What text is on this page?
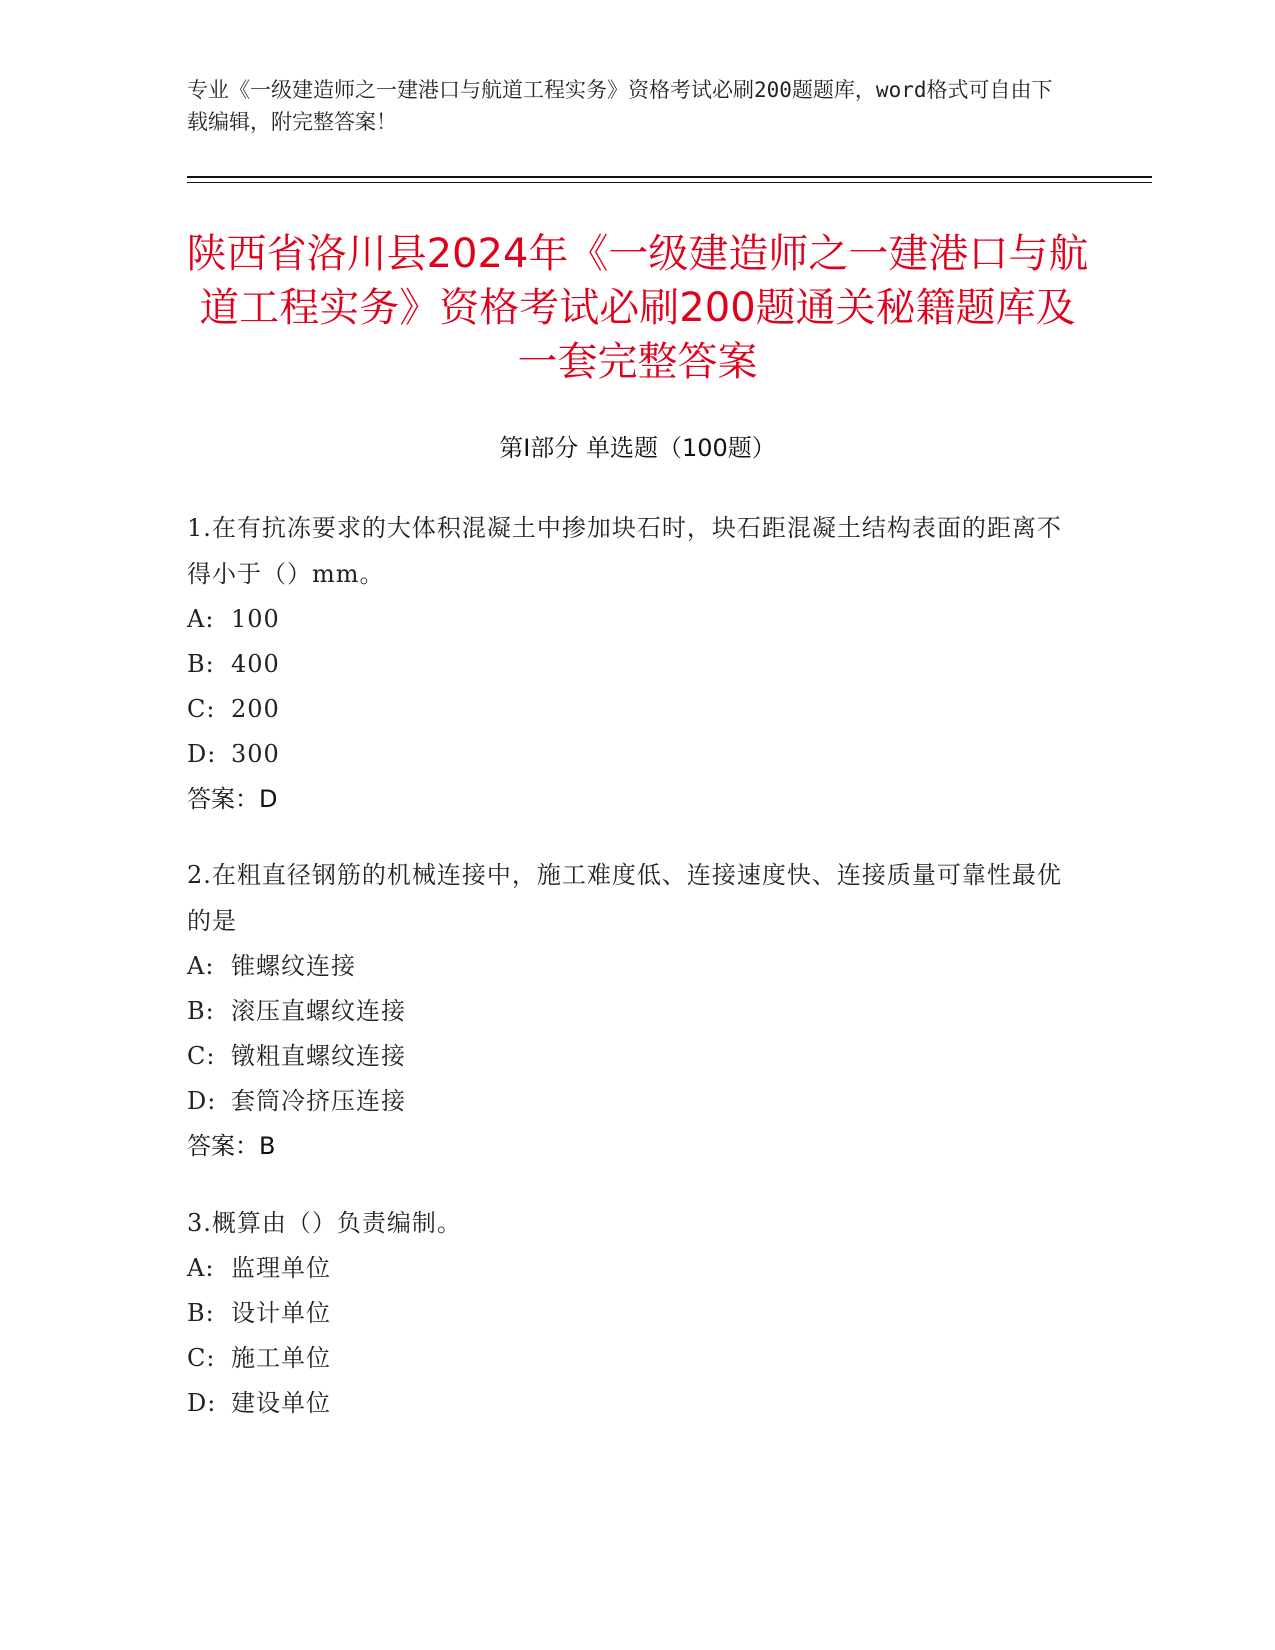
专业《一级建造师之一建港口与航道工程实务》资格考试必刷200题题库，word格式可自由下载编辑，附完整答案！
陕西省洛川县2024年《一级建造师之一建港口与航道工程实务》资格考试必刷200题通关秘籍题库及一套完整答案
第I部分 单选题（100题）

1.在有抗冻要求的大体积混凝土中掺加块石时，块石距混凝土结构表面的距离不得小于（）mm。

A: 100

B: 400

C: 200

D: 300

答案：D

2.在粗直径钢筋的机械连接中，施工难度低、连接速度快、连接质量可靠性最优的是

A: 锥螺纹连接

B: 滚压直螺纹连接

C: 镦粗直螺纹连接

D: 套筒冷挤压连接

答案：B

3.概算由（）负责编制。

A: 监理单位

B: 设计单位

C: 施工单位

D: 建设单位
